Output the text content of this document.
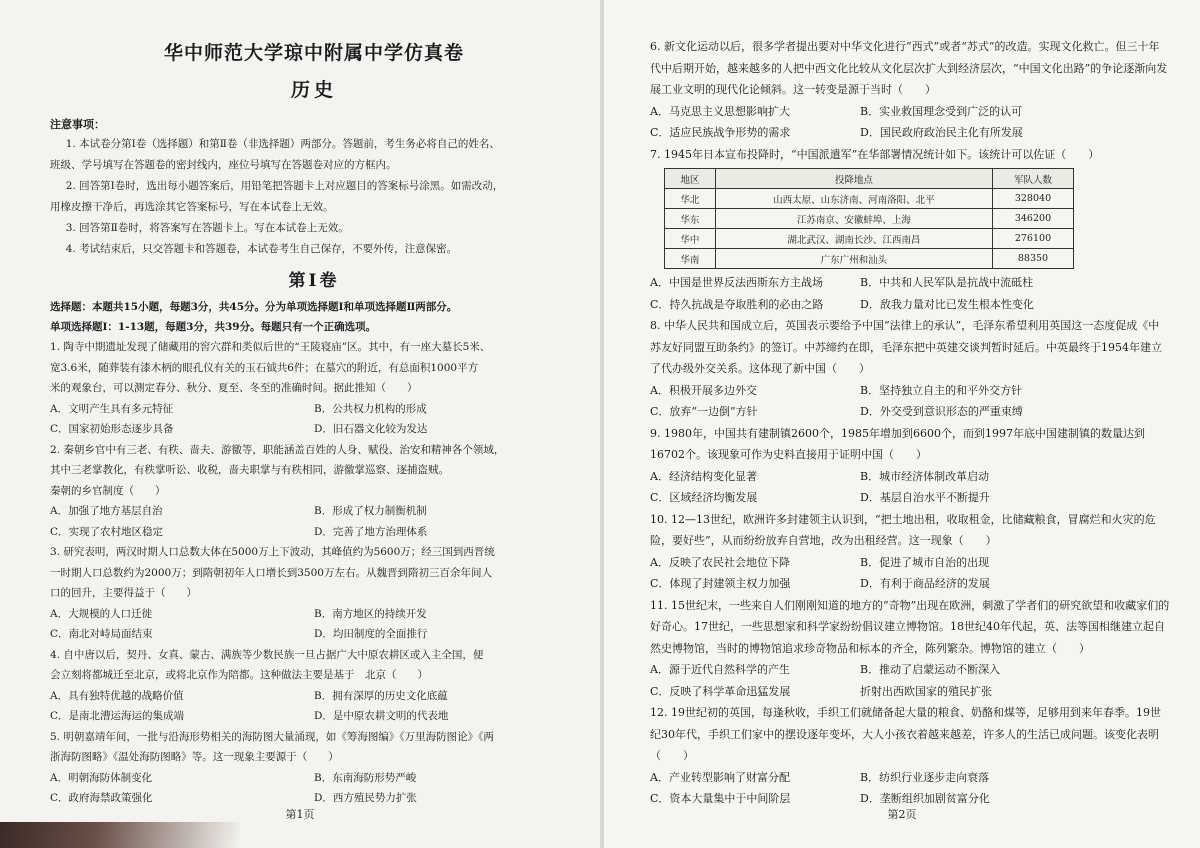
华中师范大学琼中附属中学仿真卷
历史
注意事项：

1. 本试卷分第Ⅰ卷（选择题）和第Ⅱ卷（非选择题）两部分。答题前，考生务必将自己的姓名、

班级、学号填写在答题卷的密封线内，座位号填写在答题卷对应的方框内。

2. 回答第Ⅰ卷时，选出每小题答案后，用铅笔把答题卡上对应题目的答案标号涂黑。如需改动，

用橡皮擦干净后，再选涂其它答案标号，写在本试卷上无效。

3. 回答第Ⅱ卷时，将答案写在答题卡上。写在本试卷上无效。

4. 考试结束后，只交答题卡和答题卷，本试卷考生自己保存，不要外传，注意保密。

第Ⅰ卷

选择题：本题共15小题，每题3分，共45分。分为单项选择题Ⅰ和单项选择题Ⅱ两部分。

单项选择题Ⅰ：1-13题，每题3分，共39分。每题只有一个正确选项。

1. 陶寺中期遗址发现了储藏用的窖穴群和类似后世的“王陵寝庙”区。其中，有一座大墓长5米、
宽3.6米，随葬装有漆木柄的眼孔仪有关的玉石钺共6件；在墓穴的附近，有总面积1000平方
米的观象台，可以测定春分、秋分、夏至、冬至的准确时间。据此推知（　　）
A．文明产生具有多元特征	B．公共权力机构的形成
C．国家初始形态逐步具备	D．旧石器文化较为发达
2. 秦朝乡官中有三老、有秩、啬夫、游徼等，职能涵盖百姓的人身、赋役、治安和精神各个领域，
其中三老掌教化，有秩掌听讼、收税，啬夫职掌与有秩相同，游徼掌巡察、逐捕盗贼。
秦朝的乡官制度（　　）
A．加强了地方基层自治	B．形成了权力制衡机制
C．实现了农村地区稳定	D．完善了地方治理体系
3. 研究表明，两汉时期人口总数大体在5000万上下波动，其峰值约为5600万；经三国到西晋统
一时期人口总数约为2000万；到隋朝初年人口增长到3500万左右。从魏晋到隋初三百余年间人
口的回升，主要得益于（　　）
A．大规模的人口迁徙	B．南方地区的持续开发
C．南北对峙局面结束	D．均田制度的全面推行
4. 自中唐以后，契丹、女真、蒙古、满族等少数民族一旦占据广大中原农耕区或入主全国，便
会立刻将都城迁至北京，或将北京作为陪都。这种做法主要是基于　北京（　　）
A．具有独特优越的战略价值	B．拥有深厚的历史文化底蕴
C．是南北漕运海运的集成端	D．是中原农耕文明的代表地
5. 明朝嘉靖年间，一批与沿海形势相关的海防图大量涌现，如《筹海图编》《万里海防图论》《两
浙海防图略》《温处海防图略》等。这一现象主要源于（　　）
A．明朝海防体制变化	B．东南海防形势严峻
C．政府海禁政策强化	D．西方殖民势力扩张
第1页
6. 新文化运动以后，很多学者提出要对中华文化进行“西式”或者“苏式”的改造。实现文化救亡。但三十年代中后期开始，越来越多的人把中西文化比较从文化层次扩大到经济层次，“中国文化出路”的争论逐渐向发展工业文明的现代化论倾斜。这一转变是源于当时（　　）
A．马克思主义思想影响扩大	B．实业救国理念受到广泛的认可
C．适应民族战争形势的需求	D．国民政府政治民主化有所发展
7. 1945年日本宣布投降时，“中国派遣军”在华部署情况统计如下。该统计可以佐证（　　）
地区	投降地点	军队人数
华北	山西太原、山东济南、河南洛阳、北平	328040
华东	江苏南京、安徽蚌埠、上海	346200
华中	湖北武汉、湖南长沙、江西南昌	276100
华南	广东广州和汕头	88350
A．中国是世界反法西斯东方主战场	B．中共和人民军队是抗战中流砥柱
C．持久抗战是夺取胜利的必由之路	D．敌我力量对比已发生根本性变化
8. 中华人民共和国成立后，英国表示要给予中国“法律上的承认”，毛泽东希望利用英国这一态度促成《中苏友好同盟互助条约》的签订。中苏缔约在即，毛泽东把中英建交谈判暂时延后。中英最终于1954年建立了代办级外交关系。这体现了新中国（　　）
A．积极开展多边外交	B．坚持独立自主的和平外交方针
C．放弃“一边倒”方针	D．外交受到意识形态的严重束缚
9. 1980年，中国共有建制镇2600个，1985年增加到6600个，而到1997年底中国建制镇的数量达到16702个。该现象可作为史料直接用于证明中国（　　）
A．经济结构变化显著	B．城市经济体制改革启动
C．区域经济均衡发展	D．基层自治水平不断提升
10. 12—13世纪，欧洲许多封建领主认识到，“把土地出租，收取租金，比储藏粮食，冒腐烂和火灾的危险，要好些”，从而纷纷放弃自营地，改为出租经营。这一现象（　　）
A．反映了农民社会地位下降	B．促进了城市自治的出现
C．体现了封建领主权力加强	D．有利于商品经济的发展
11. 15世纪末，一些来自人们刚刚知道的地方的“奇物”出现在欧洲，刺激了学者们的研究欲望和收藏家们的好奇心。17世纪，一些思想家和科学家纷纷倡议建立博物馆。18世纪40年代起，英、法等国相继建立起自然史博物馆，当时的博物馆追求珍奇物品和标本的齐全，陈列繁杂。博物馆的建立（　　）
A．源于近代自然科学的产生	B．推动了启蒙运动不断深入
C．反映了科学革命迅猛发展	折射出西欧国家的殖民扩张
12. 19世纪初的英国，每逢秋收，手织工们就储备起大量的粮食、奶酪和煤等，足够用到来年春季。19世纪30年代，手织工们家中的摆设逐年变坏，大人小孩衣着越来越差，许多人的生活已成问题。该变化表明（　　）
A．产业转型影响了财富分配	B．纺织行业逐步走向衰落
C．资本大量集中于中间阶层	D．垄断组织加剧贫富分化
第2页
